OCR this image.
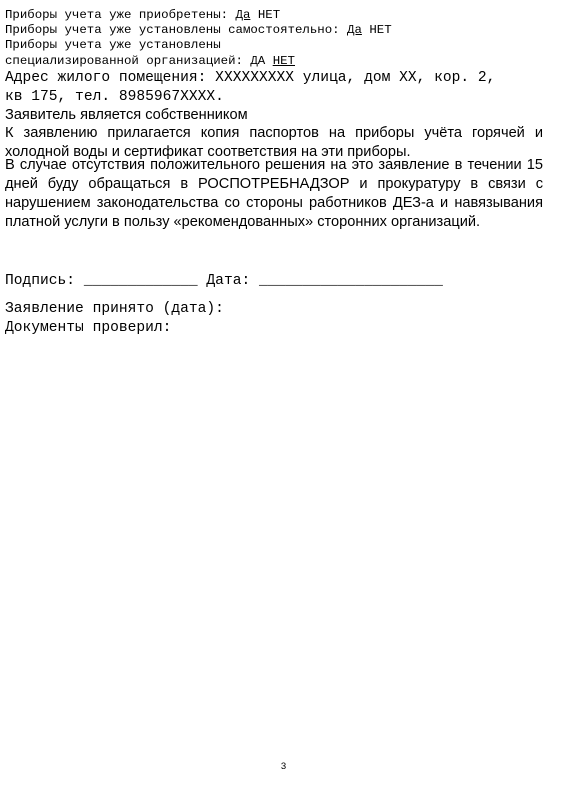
Приборы учета уже приобретены: Да НЕТ
Приборы учета уже установлены самостоятельно: Да НЕТ
Приборы учета уже установлены
специализированной организацией: ДА НЕТ
Адрес жилого помещения: ХХХХХХХХХ улица, дом ХХ, кор. 2,
кв 175, тел. 8985967ХХХХ.
Заявитель является собственником
К заявлению прилагается копия паспортов на приборы учёта горячей и холодной воды и сертификат соответствия на эти приборы.
В случае отсутствия положительного решения на это заявление в течении 15 дней буду обращаться в РОСПОТРЕБНАДЗОР и прокуратуру в связи с нарушением законодательства со стороны работников ДЕЗ-а и навязывания платной услуги в пользу «рекомендованных» сторонних организаций.
Подпись: _____________ Дата: _____________________
Заявление принято (дата):
Документы проверил:
3
